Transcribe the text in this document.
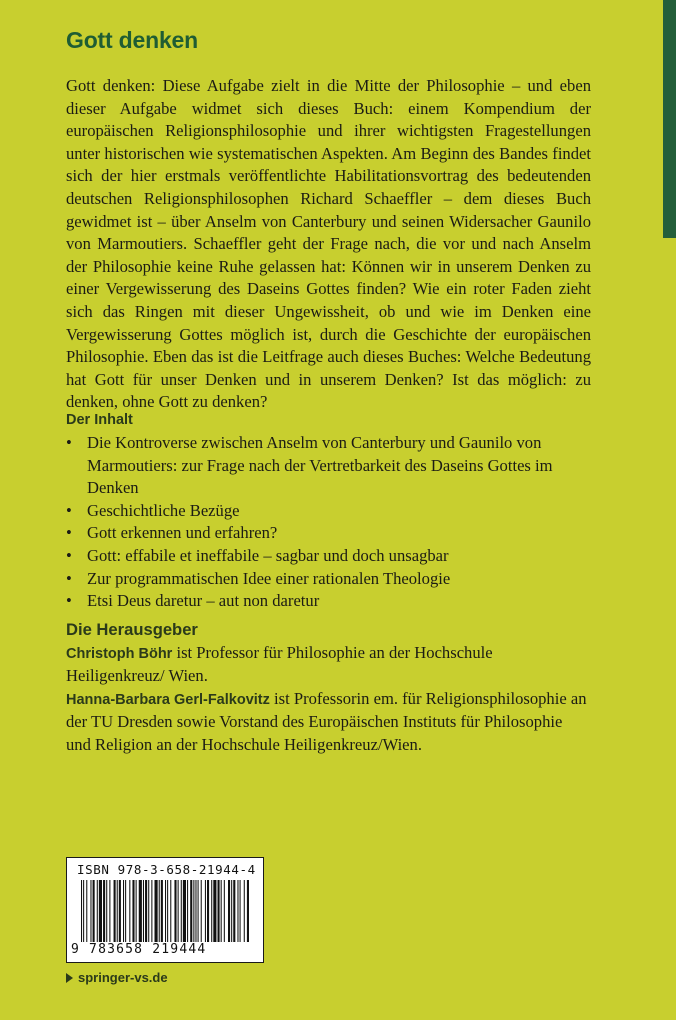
Gott denken

Gott denken: Diese Aufgabe zielt in die Mitte der Philosophie – und eben dieser Aufgabe widmet sich dieses Buch: einem Kompendium der europäischen Religionsphilosophie und ihrer wichtigsten Fragestellungen unter historischen wie systematischen Aspekten. Am Beginn des Bandes findet sich der hier erstmals veröffentlichte Habilitationsvortrag des bedeutenden deutschen Religionsphilosophen Richard Schaeffler – dem dieses Buch gewidmet ist – über Anselm von Canterbury und seinen Widersacher Gaunilo von Marmoutiers. Schaeffler geht der Frage nach, die vor und nach Anselm der Philosophie keine Ruhe gelassen hat: Können wir in unserem Denken zu einer Vergewisserung des Daseins Gottes finden? Wie ein roter Faden zieht sich das Ringen mit dieser Ungewissheit, ob und wie im Denken eine Vergewisserung Gottes möglich ist, durch die Geschichte der europäischen Philosophie. Eben das ist die Leitfrage auch dieses Buches: Welche Bedeutung hat Gott für unser Denken und in unserem Denken? Ist das möglich: zu denken, ohne Gott zu denken?

Der Inhalt

• Die Kontroverse zwischen Anselm von Canterbury und Gaunilo von Marmoutiers: zur Frage nach der Vertretbarkeit des Daseins Gottes im Denken
• Geschichtliche Bezüge
• Gott erkennen und erfahren?
• Gott: effabile et ineffabile – sagbar und doch unsagbar
• Zur programmatischen Idee einer rationalen Theologie
• Etsi Deus daretur – aut non daretur

Die Herausgeber

Christoph Böhr ist Professor für Philosophie an der Hochschule Heiligenkreuz/ Wien.

Hanna-Barbara Gerl-Falkovitz ist Professorin em. für Religionsphilosophie an der TU Dresden sowie Vorstand des Europäischen Instituts für Philosophie und Religion an der Hochschule Heiligenkreuz/Wien.

ISBN 978-3-658-21944-4
9 783658 219444
springer-vs.de
